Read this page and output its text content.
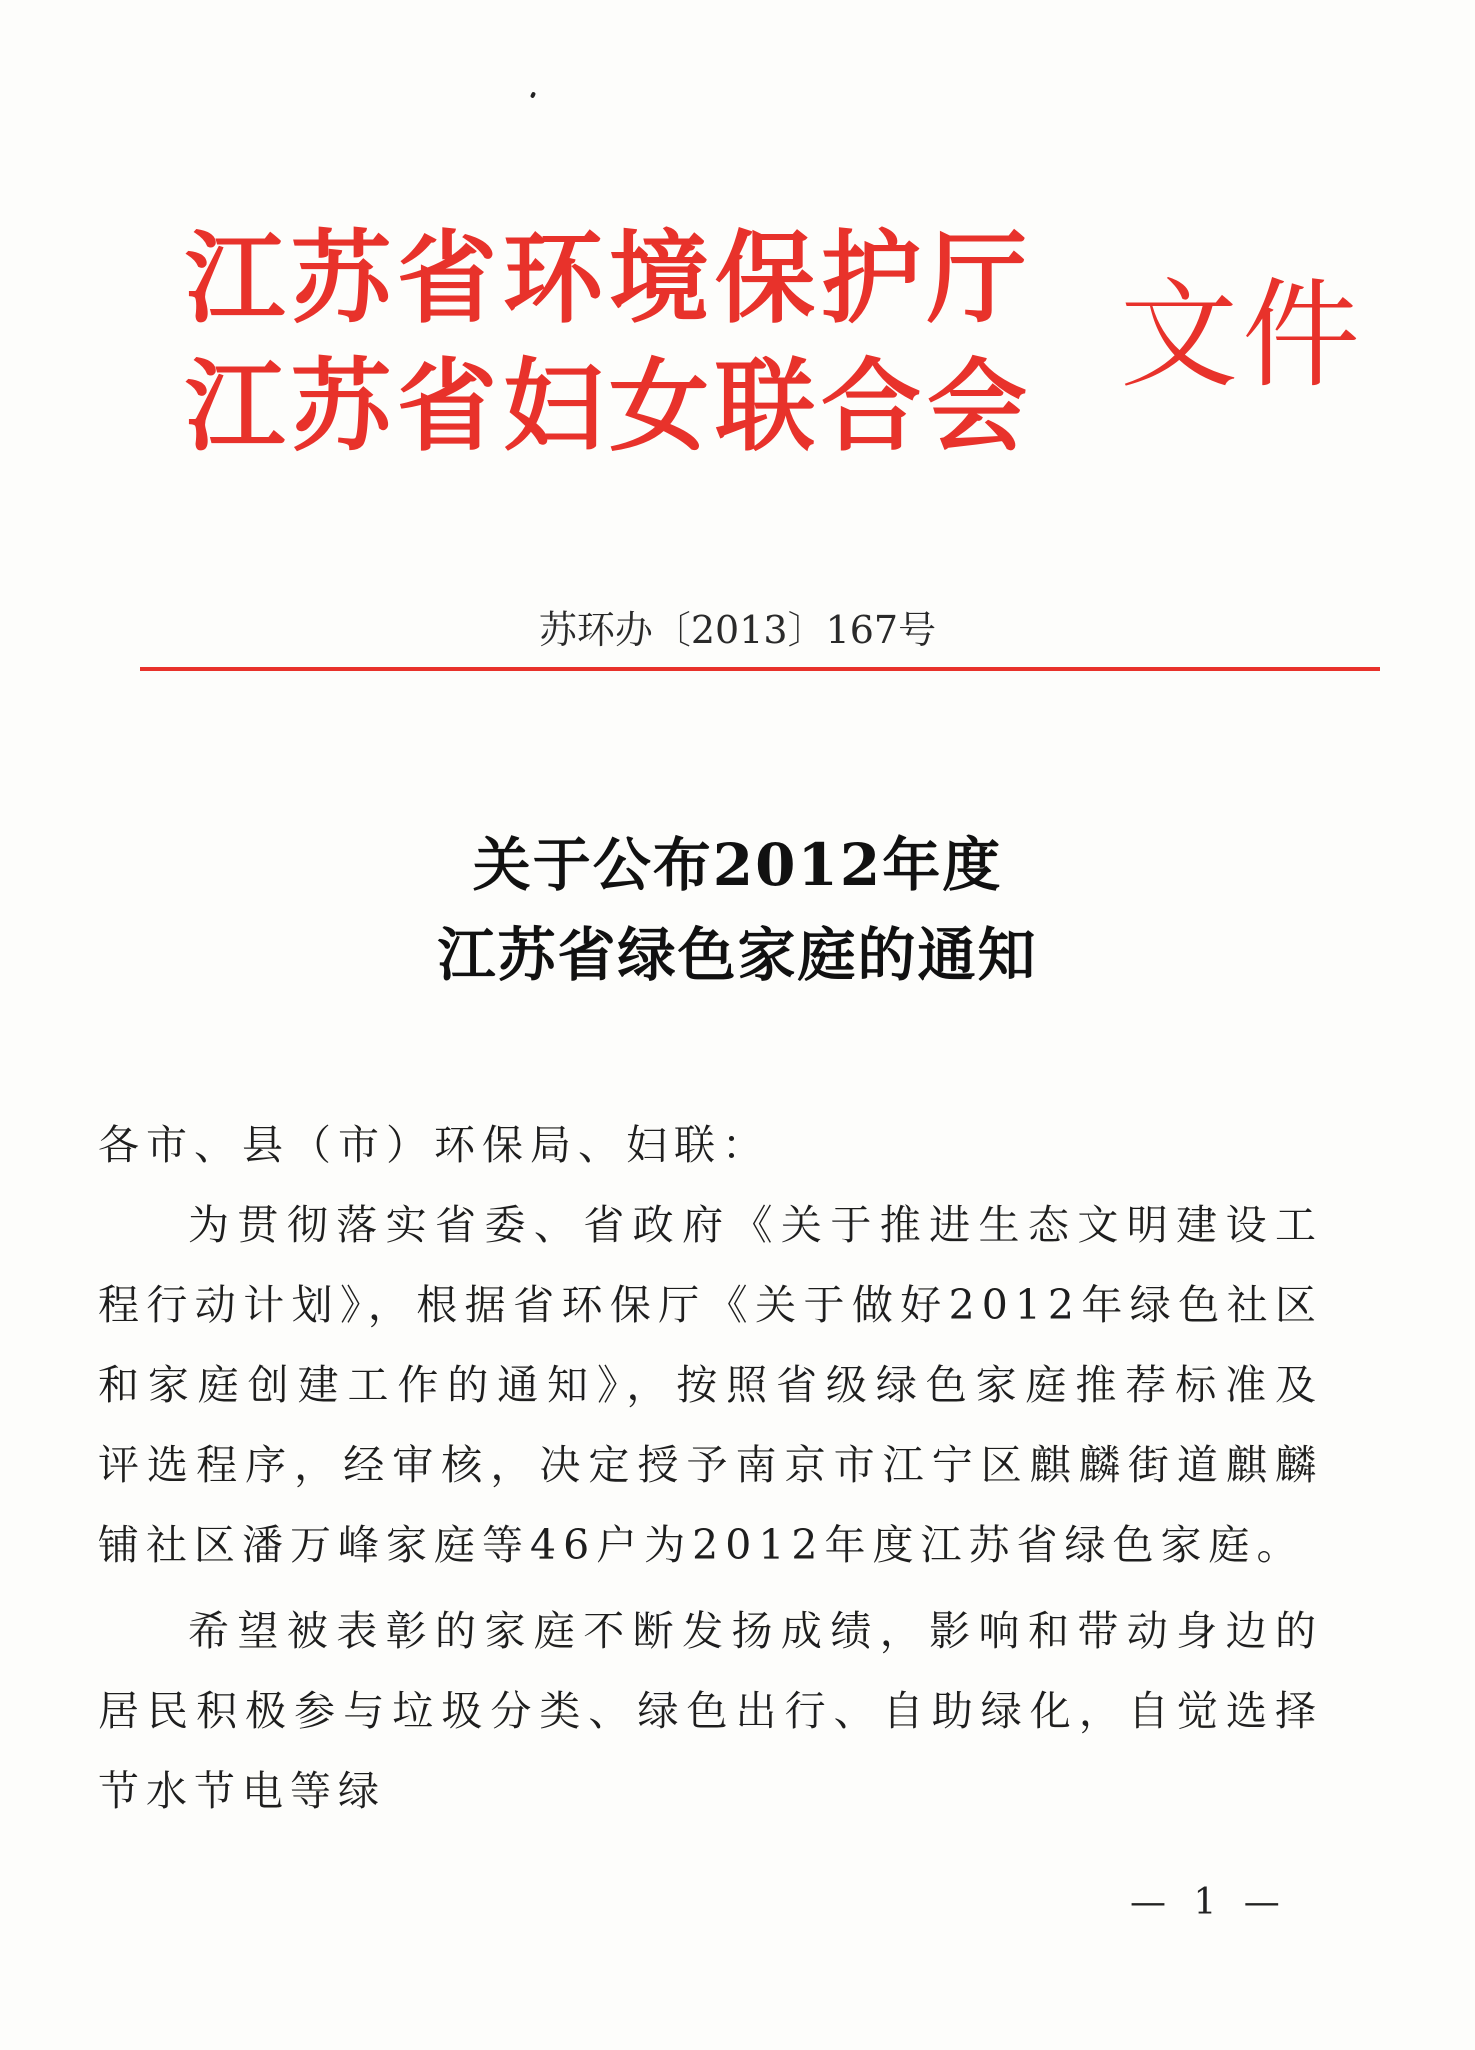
江苏省环境保护厅
江苏省妇女联合会
文件
苏环办〔2013〕167号
关于公布2012年度
江苏省绿色家庭的通知

各市、县（市）环保局、妇联：

为贯彻落实省委、省政府《关于推进生态文明建设工程行动计划》，根据省环保厅《关于做好2012年绿色社区和家庭创建工作的通知》，按照省级绿色家庭推荐标准及评选程序，经审核，决定授予南京市江宁区麒麟街道麒麟铺社区潘万峰家庭等46户为2012年度江苏省绿色家庭。

希望被表彰的家庭不断发扬成绩，影响和带动身边的居民积极参与垃圾分类、绿色出行、自助绿化，自觉选择节水节电等绿

— 1 —
